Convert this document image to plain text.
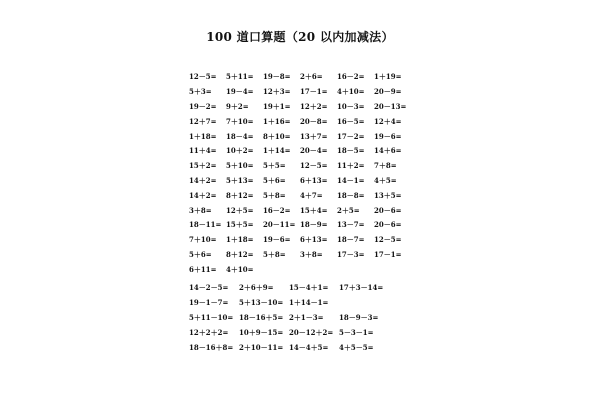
100 道口算题（20 以内加减法）
12－5=	5＋11=	19－8=	2＋6=	16－2=	1＋19=
5＋3=	19－4=	12＋3=	17－1=	4＋10=	20－9=
19－2=	9＋2=	19＋1=	12＋2=	10－3=	20－13=
12＋7=	7＋10=	1＋16=	20－8=	16－5=	12＋4=
1＋18=	18－4=	8＋10=	13＋7=	17－2=	19－6=
11＋4=	10＋2=	1＋14=	20－4=	18－5=	14＋6=
15＋2=	5＋10=	5＋5=	12－5=	11＋2=	7＋8=
14＋2=	5＋13=	5＋6=	6＋13=	14－1=	4＋5=
14＋2=	8＋12=	5＋8=	4＋7=	18－8=	13＋5=
3＋8=	12＋5=	16－2=	15＋4=	2＋5=	20－6=
18－11= 15＋5=	20－11= 18－9=	13－7=	20－6=
7＋10=	1＋18=	19－6=	6＋13=	18－7=	12－5=
5＋6=	8＋12=	5＋8=	3＋8=	17－3=	17－1=
6＋11=	4＋10=
14－2－5=	2＋6＋9=	15－4＋1=	17＋3－14=
19－1－7=	5＋13－10= 1＋14－1=
5＋11－10= 18－16＋5= 2＋1－3=	18－9－3=
12＋2＋2=	10＋9－15= 20－12＋2= 5－3－1=
18－16＋8= 2＋10－11= 14－4＋5=	4＋5－5=
